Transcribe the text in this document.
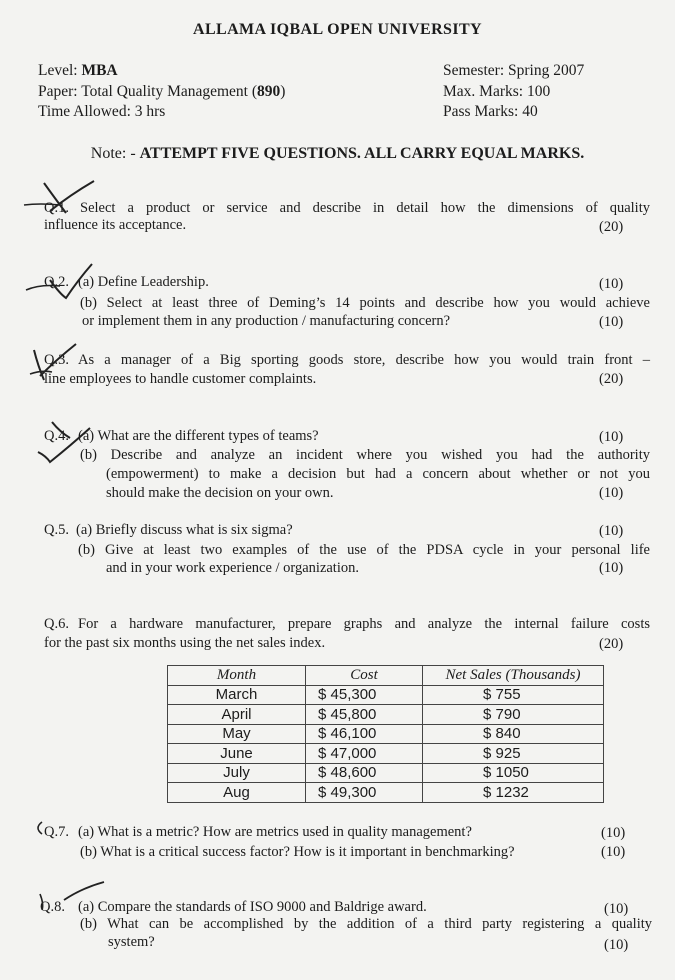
ALLAMA IQBAL OPEN UNIVERSITY
Level: MBA
Paper: Total Quality Management (890)
Time Allowed: 3 hrs
Semester: Spring 2007
Max. Marks: 100
Pass Marks: 40
Note: - ATTEMPT FIVE QUESTIONS. ALL CARRY EQUAL MARKS.
Q.1. Select a product or service and describe in detail how the dimensions of quality
influence its acceptance.	(20)
Q.2. (a) Define Leadership.	(10)
(b) Select at least three of Deming’s 14 points and describe how you would achieve
or implement them in any production / manufacturing concern?	(10)
Q.3. As a manager of a Big sporting goods store, describe how you would train front –
line employees to handle customer complaints.	(20)
Q.4. (a) What are the different types of teams?	(10)
(b) Describe and analyze an incident where you wished you had the authority
(empowerment) to make a decision but had a concern about whether or not you
should make the decision on your own.	(10)
Q.5. (a) Briefly discuss what is six sigma?	(10)
(b) Give at least two examples of the use of the PDSA cycle in your personal life
and in your work experience / organization.	(10)
Q.6. For a hardware manufacturer, prepare graphs and analyze the internal failure costs
for the past six months using the net sales index.	(20)
Month	Cost	Net Sales (Thousands)
March	$ 45,300	$ 755
April	$ 45,800	$ 790
May	$ 46,100	$ 840
June	$ 47,000	$ 925
July	$ 48,600	$ 1050
Aug	$ 49,300	$ 1232
Q.7. (a) What is a metric? How are metrics used in quality management?	(10)
(b) What is a critical success factor? How is it important in benchmarking?	(10)
Q.8. (a) Compare the standards of ISO 9000 and Baldrige award.	(10)
(b) What can be accomplished by the addition of a third party registering a quality
system?	(10)
